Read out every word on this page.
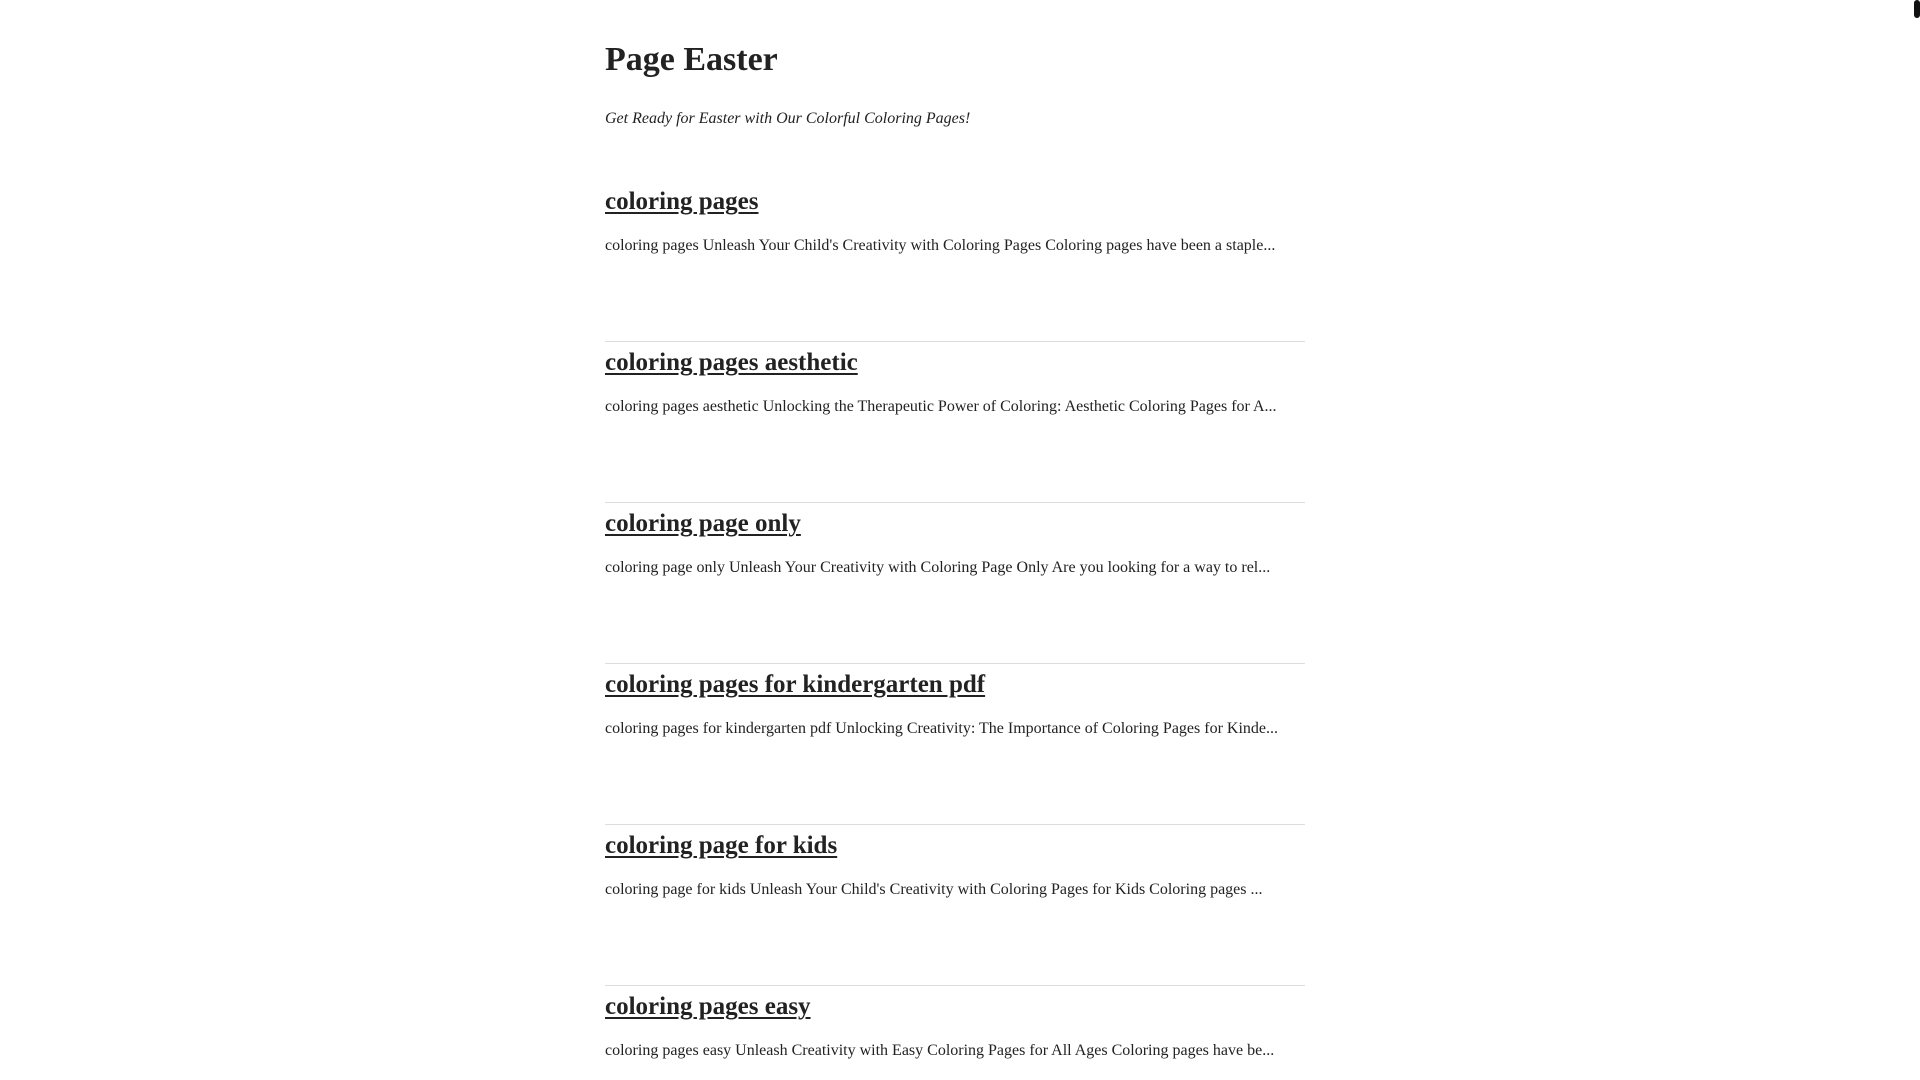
Page Easter

Get Ready for Easter with Our Colorful Coloring Pages!

coloring pages

coloring pages Unleash Your Child's Creativity with Coloring Pages Coloring pages have been a staple...

coloring pages aesthetic

coloring pages aesthetic Unlocking the Therapeutic Power of Coloring: Aesthetic Coloring Pages for A...

coloring page only

coloring page only Unleash Your Creativity with Coloring Page Only Are you looking for a way to rel...

coloring pages for kindergarten pdf

coloring pages for kindergarten pdf Unlocking Creativity: The Importance of Coloring Pages for Kinde...

coloring page for kids

coloring page for kids Unleash Your Child's Creativity with Coloring Pages for Kids Coloring pages ...

coloring pages easy

coloring pages easy Unleash Creativity with Easy Coloring Pages for All Ages Coloring pages have be...
